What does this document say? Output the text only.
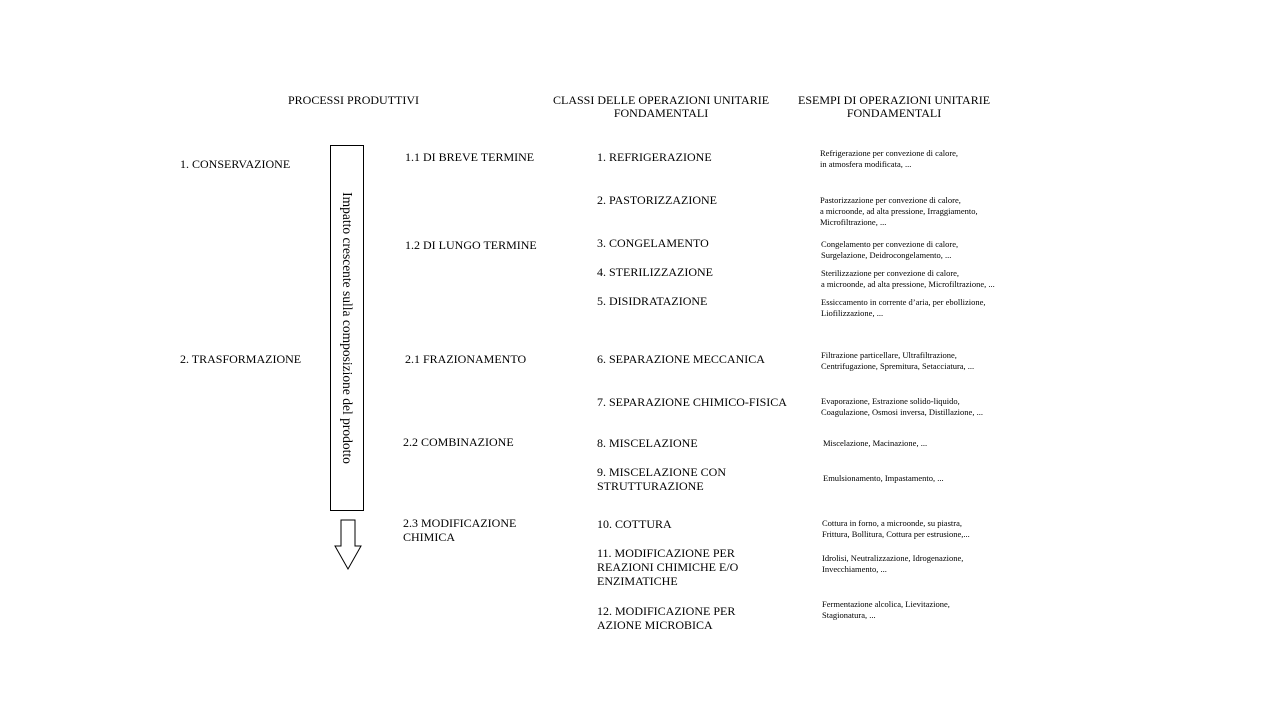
PROCESSI PRODUTTIVI	CLASSI DELLE OPERAZIONI UNITARIE
FONDAMENTALI
ESEMPI DI OPERAZIONI UNITARIE
FONDAMENTALI
1. CONSERVAZIONE
2. TRASFORMAZIONE	Impatto crescente sulla composizione del prodotto
1.1 DI BREVE TERMINE
1.2 DI LUNGO TERMINE
2.1 FRAZIONAMENTO
2.2 COMBINAZIONE
2.3 MODIFICAZIONE
CHIMICA
1. REFRIGERAZIONE
2. PASTORIZZAZIONE
3. CONGELAMENTO
4. STERILIZZAZIONE
5. DISIDRATAZIONE
6. SEPARAZIONE MECCANICA
7. SEPARAZIONE CHIMICO-FISICA
8. MISCELAZIONE
9. MISCELAZIONE CON
STRUTTURAZIONE
10. COTTURA
11. MODIFICAZIONE PER
REAZIONI CHIMICHE E/O
ENZIMATICHE
12. MODIFICAZIONE PER
AZIONE MICROBICA
Refrigerazione per convezione di calore,
in atmosfera modificata, ...
Pastorizzazione per convezione di calore,
a microonde, ad alta pressione, Irraggiamento,
Microfiltrazione, ...
Congelamento per convezione di calore,
Surgelazione, Deidrocongelamento, ...
Sterilizzazione per convezione di calore,
a microonde, ad alta pressione, Microfiltrazione, ...
Essiccamento in corrente d’aria, per ebollizione,
Liofilizzazione, ...
Filtrazione particellare, Ultrafiltrazione,
Centrifugazione, Spremitura, Setacciatura, ...
Evaporazione, Estrazione solido-liquido,
Coagulazione, Osmosi inversa, Distillazione, ...
Miscelazione, Macinazione, ...
Emulsionamento, Impastamento, ...
Cottura in forno, a microonde, su piastra,
Frittura, Bollitura, Cottura per estrusione,...
Idrolisi, Neutralizzazione, Idrogenazione,
Invecchiamento, ...
Fermentazione alcolica, Lievitazione,
Stagionatura, ...
